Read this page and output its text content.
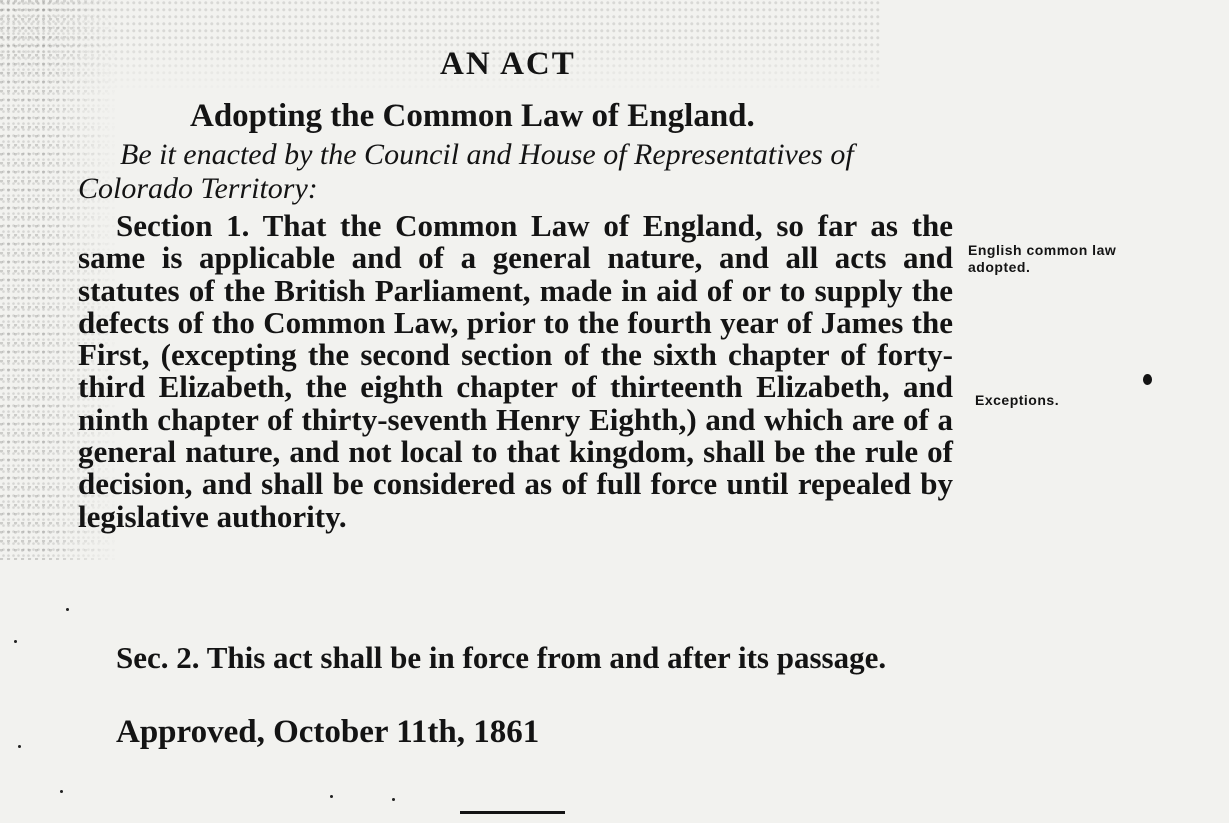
AN ACT
Adopting the Common Law of England.
Be it enacted by the Council and House of Representatives of Colorado Territory:
Section 1. That the Common Law of England, so far as the same is applicable and of a general nature, and all acts and statutes of the British Parliament, made in aid of or to supply the defects of tho Common Law, prior to the fourth year of James the First, (excepting the second section of the sixth chapter of forty-third Elizabeth, the eighth chapter of thirteenth Elizabeth, and ninth chapter of thirty-seventh Henry Eighth,) and which are of a general nature, and not local to that kingdom, shall be the rule of decision, and shall be considered as of full force until repealed by legislative authority.
Sec. 2. This act shall be in force from and after its passage.
Approved, October 11th, 1861
English common law adopted.
Exceptions.
